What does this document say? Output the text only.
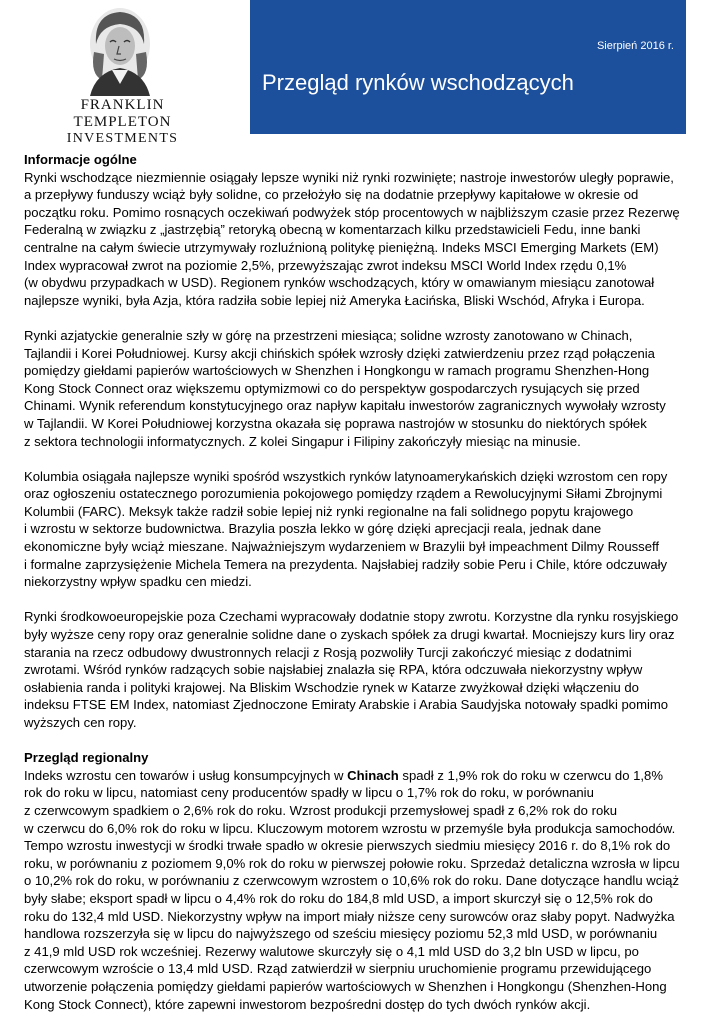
FRANKLIN TEMPLETON
INVESTMENTS
Sierpień 2016 r.
Przegląd rynków wschodzących
Informacje ogólne
Rynki wschodzące niezmiennie osiągały lepsze wyniki niż rynki rozwinięte; nastroje inwestorów uległy poprawie,
a przepływy funduszy wciąż były solidne, co przełożyło się na dodatnie przepływy kapitałowe w okresie od
początku roku. Pomimo rosnących oczekiwań podwyżek stóp procentowych w najbliższym czasie przez Rezerwę
Federalną w związku z „jastrzębią” retoryką obecną w komentarzach kilku przedstawicieli Fedu, inne banki
centralne na całym świecie utrzymywały rozluźnioną politykę pieniężną. Indeks MSCI Emerging Markets (EM)
Index wypracował zwrot na poziomie 2,5%, przewyższając zwrot indeksu MSCI World Index rzędu 0,1%
(w obydwu przypadkach w USD). Regionem rynków wschodzących, który w omawianym miesiącu zanotował
najlepsze wyniki, była Azja, która radziła sobie lepiej niż Ameryka Łacińska, Bliski Wschód, Afryka i Europa.
Rynki azjatyckie generalnie szły w górę na przestrzeni miesiąca; solidne wzrosty zanotowano w Chinach,
Tajlandii i Korei Południowej. Kursy akcji chińskich spółek wzrosły dzięki zatwierdzeniu przez rząd połączenia
pomiędzy giełdami papierów wartościowych w Shenzhen i Hongkongu w ramach programu Shenzhen-Hong
Kong Stock Connect oraz większemu optymizmowi co do perspektyw gospodarczych rysujących się przed
Chinami. Wynik referendum konstytucyjnego oraz napływ kapitału inwestorów zagranicznych wywołały wzrosty
w Tajlandii. W Korei Południowej korzystna okazała się poprawa nastrojów w stosunku do niektórych spółek
z sektora technologii informatycznych. Z kolei Singapur i Filipiny zakończyły miesiąc na minusie.
Kolumbia osiągała najlepsze wyniki spośród wszystkich rynków latynoamerykańskich dzięki wzrostom cen ropy
oraz ogłoszeniu ostatecznego porozumienia pokojowego pomiędzy rządem a Rewolucyjnymi Siłami Zbrojnymi
Kolumbii (FARC). Meksyk także radził sobie lepiej niż rynki regionalne na fali solidnego popytu krajowego
i wzrostu w sektorze budownictwa. Brazylia poszła lekko w górę dzięki aprecjacji reala, jednak dane
ekonomiczne były wciąż mieszane. Najważniejszym wydarzeniem w Brazylii był impeachment Dilmy Rousseff
i formalne zaprzysiężenie Michela Temera na prezydenta. Najsłabiej radziły sobie Peru i Chile, które odczuwały
niekorzystny wpływ spadku cen miedzi.
Rynki środkowoeuropejskie poza Czechami wypracowały dodatnie stopy zwrotu. Korzystne dla rynku rosyjskiego
były wyższe ceny ropy oraz generalnie solidne dane o zyskach spółek za drugi kwartał. Mocniejszy kurs liry oraz
starania na rzecz odbudowy dwustronnych relacji z Rosją pozwoliły Turcji zakończyć miesiąc z dodatnimi
zwrotami. Wśród rynków radzących sobie najsłabiej znalazła się RPA, która odczuwała niekorzystny wpływ
osłabienia randa i polityki krajowej. Na Bliskim Wschodzie rynek w Katarze zwyżkował dzięki włączeniu do
indeksu FTSE EM Index, natomiast Zjednoczone Emiraty Arabskie i Arabia Saudyjska notowały spadki pomimo
wyższych cen ropy.
Przegląd regionalny
Indeks wzrostu cen towarów i usług konsumpcyjnych w Chinach spadł z 1,9% rok do roku w czerwcu do 1,8%
rok do roku w lipcu, natomiast ceny producentów spadły w lipcu o 1,7% rok do roku, w porównaniu
z czerwcowym spadkiem o 2,6% rok do roku. Wzrost produkcji przemysłowej spadł z 6,2% rok do roku
w czerwcu do 6,0% rok do roku w lipcu. Kluczowym motorem wzrostu w przemyśle była produkcja samochodów.
Tempo wzrostu inwestycji w środki trwałe spadło w okresie pierwszych siedmiu miesięcy 2016 r. do 8,1% rok do
roku, w porównaniu z poziomem 9,0% rok do roku w pierwszej połowie roku. Sprzedaż detaliczna wzrosła w lipcu
o 10,2% rok do roku, w porównaniu z czerwcowym wzrostem o 10,6% rok do roku. Dane dotyczące handlu wciąż
były słabe; eksport spadł w lipcu o 4,4% rok do roku do 184,8 mld USD, a import skurczył się o 12,5% rok do
roku do 132,4 mld USD. Niekorzystny wpływ na import miały niższe ceny surowców oraz słaby popyt. Nadwyżka
handlowa rozszerzyła się w lipcu do najwyższego od sześciu miesięcy poziomu 52,3 mld USD, w porównaniu
z 41,9 mld USD rok wcześniej. Rezerwy walutowe skurczyły się o 4,1 mld USD do 3,2 bln USD w lipcu, po
czerwcowym wzroście o 13,4 mld USD. Rząd zatwierdził w sierpniu uruchomienie programu przewidującego
utworzenie połączenia pomiędzy giełdami papierów wartościowych w Shenzhen i Hongkongu (Shenzhen-Hong
Kong Stock Connect), które zapewni inwestorom bezpośredni dostęp do tych dwóch rynków akcji.
